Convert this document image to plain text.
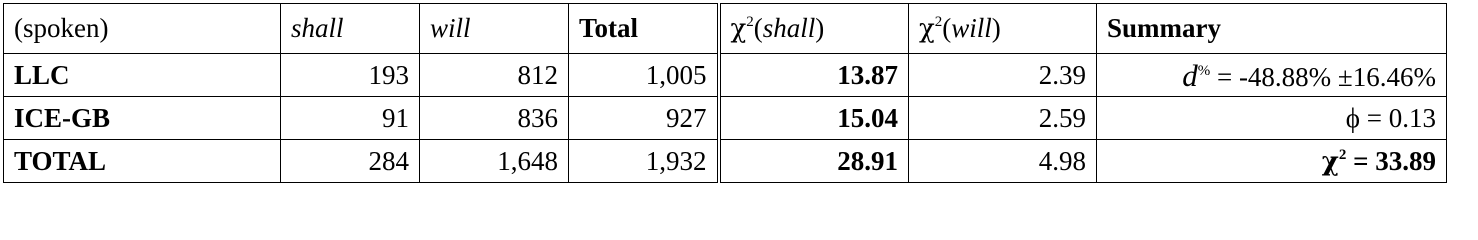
(spoken)	shall	will	Total	$\chi^2(shall)$	$\chi^2(will)$	Summary
LLC	193	812	1,005	13.87	2.39	d% = -48.88% ±16.46%
ICE-GB	91	836	927	15.04	2.59	ϕ = 0.13
TOTAL	284	1,648	1,932	28.91	4.98	$\chi^2 = 33.89$
